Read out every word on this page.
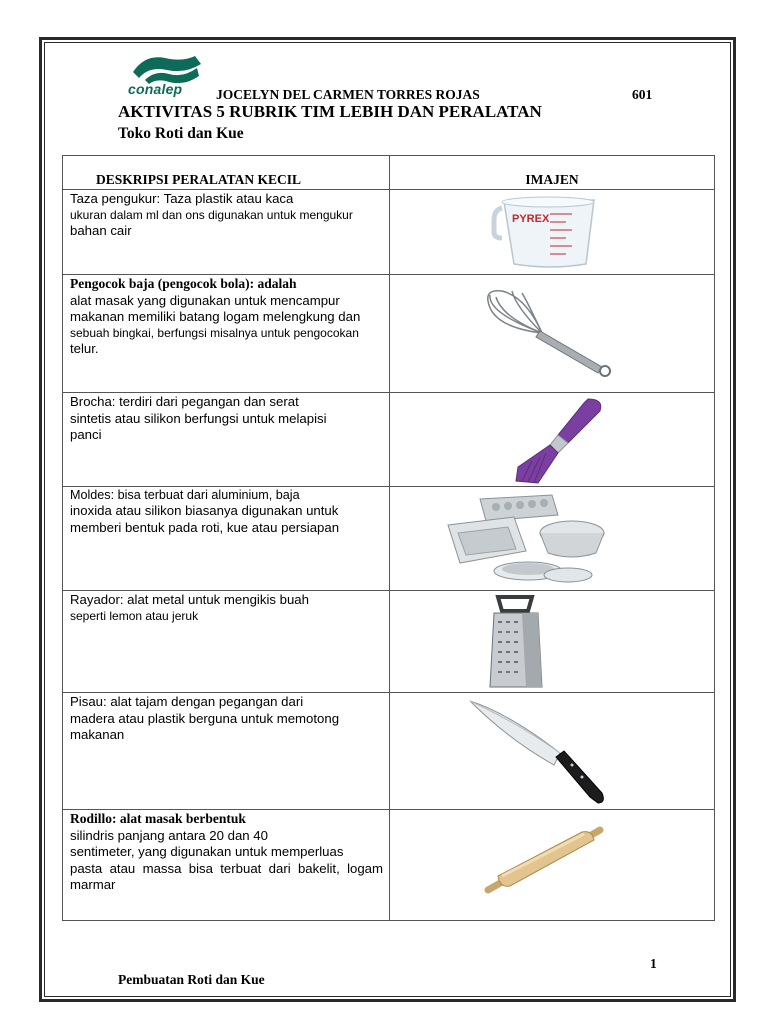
conalep JOCELYN DEL CARMEN TORRES ROJAS	601
AKTIVITAS 5 RUBRIK TIM LEBIH DAN PERALATAN
Toko Roti dan Kue
DESKRIPSI PERALATAN KECIL	IMAJEN

Taza pengukur: Taza plastik atau kaca
ukuran dalam ml dan ons digunakan untuk mengukur
bahan cair	PYREX

Pengocok baja (pengocok bola): adalah
alat masak yang digunakan untuk mencampur
makanan memiliki batang logam melengkung dan
sebuah bingkai, berfungsi misalnya untuk pengocokan
telur.

Brocha: terdiri dari pegangan dan serat
sintetis atau silikon berfungsi untuk melapisi
panci

Moldes: bisa terbuat dari aluminium, baja
inoxida atau silikon biasanya digunakan untuk
memberi bentuk pada roti, kue atau persiapan

Rayador: alat metal untuk mengikis buah
seperti lemon atau jeruk

Pisau: alat tajam dengan pegangan dari
madera atau plastik berguna untuk memotong
makanan

Rodillo: alat masak berbentuk
silindris panjang antara 20 dan 40
sentimeter, yang digunakan untuk memperluas
pasta atau massa bisa terbuat dari bakelit, logam marmar

1
Pembuatan Roti dan Kue
